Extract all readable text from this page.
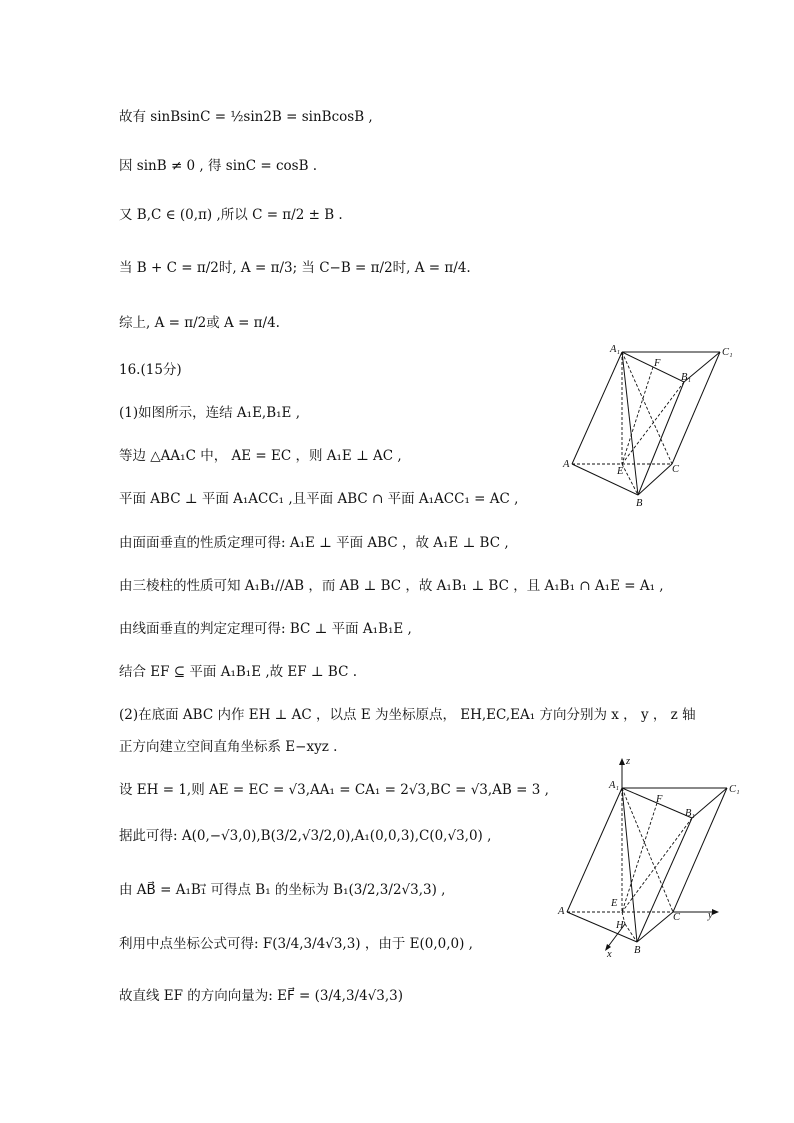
故有 sinBsinC = ½sin2B = sinBcosB ,
因 sinB ≠ 0 , 得 sinC = cosB .
又 B,C ∈ (0,π) ,所以 C = π/2 ± B .
当 B + C = π/2时, A = π/3; 当 C−B = π/2时, A = π/4.
综上, A = π/2或 A = π/4.
16.(15分)
(1)如图所示，连结 A₁E,B₁E ,
等边 △AA₁C 中， AE = EC ，则 A₁E ⊥ AC ,
平面 ABC ⊥ 平面 A₁ACC₁ ,且平面 ABC ∩ 平面 A₁ACC₁ = AC ,
由面面垂直的性质定理可得: A₁E ⊥ 平面 ABC ，故 A₁E ⊥ BC ,
由三棱柱的性质可知 A₁B₁//AB ，而 AB ⊥ BC ，故 A₁B₁ ⊥ BC ，且 A₁B₁ ∩ A₁E = A₁ ,
由线面垂直的判定定理可得: BC ⊥ 平面 A₁B₁E ,
结合 EF ⊆ 平面 A₁B₁E ,故 EF ⊥ BC .
(2)在底面 ABC 内作 EH ⊥ AC ，以点 E 为坐标原点， EH,EC,EA₁ 方向分别为 x ， y ， z 轴
正方向建立空间直角坐标系 E−xyz .
设 EH = 1,则 AE = EC = √3,AA₁ = CA₁ = 2√3,BC = √3,AB = 3 ,
据此可得: A(0,−√3,0),B(3/2,√3/2,0),A₁(0,0,3),C(0,√3,0) ,
由 AB⃗ = A₁B₁⃗ 可得点 B₁ 的坐标为 B₁(3/2,3/2√3,3) ,
利用中点坐标公式可得: F(3/4,3/4√3,3) ，由于 E(0,0,0) ,
故直线 EF 的方向向量为: EF⃗ = (3/4,3/4√3,3)
A₁	C₁
F
B₁
A
E	C
B
z
A₁	C₁
F
B₁
A
E
C	y
H
x B
